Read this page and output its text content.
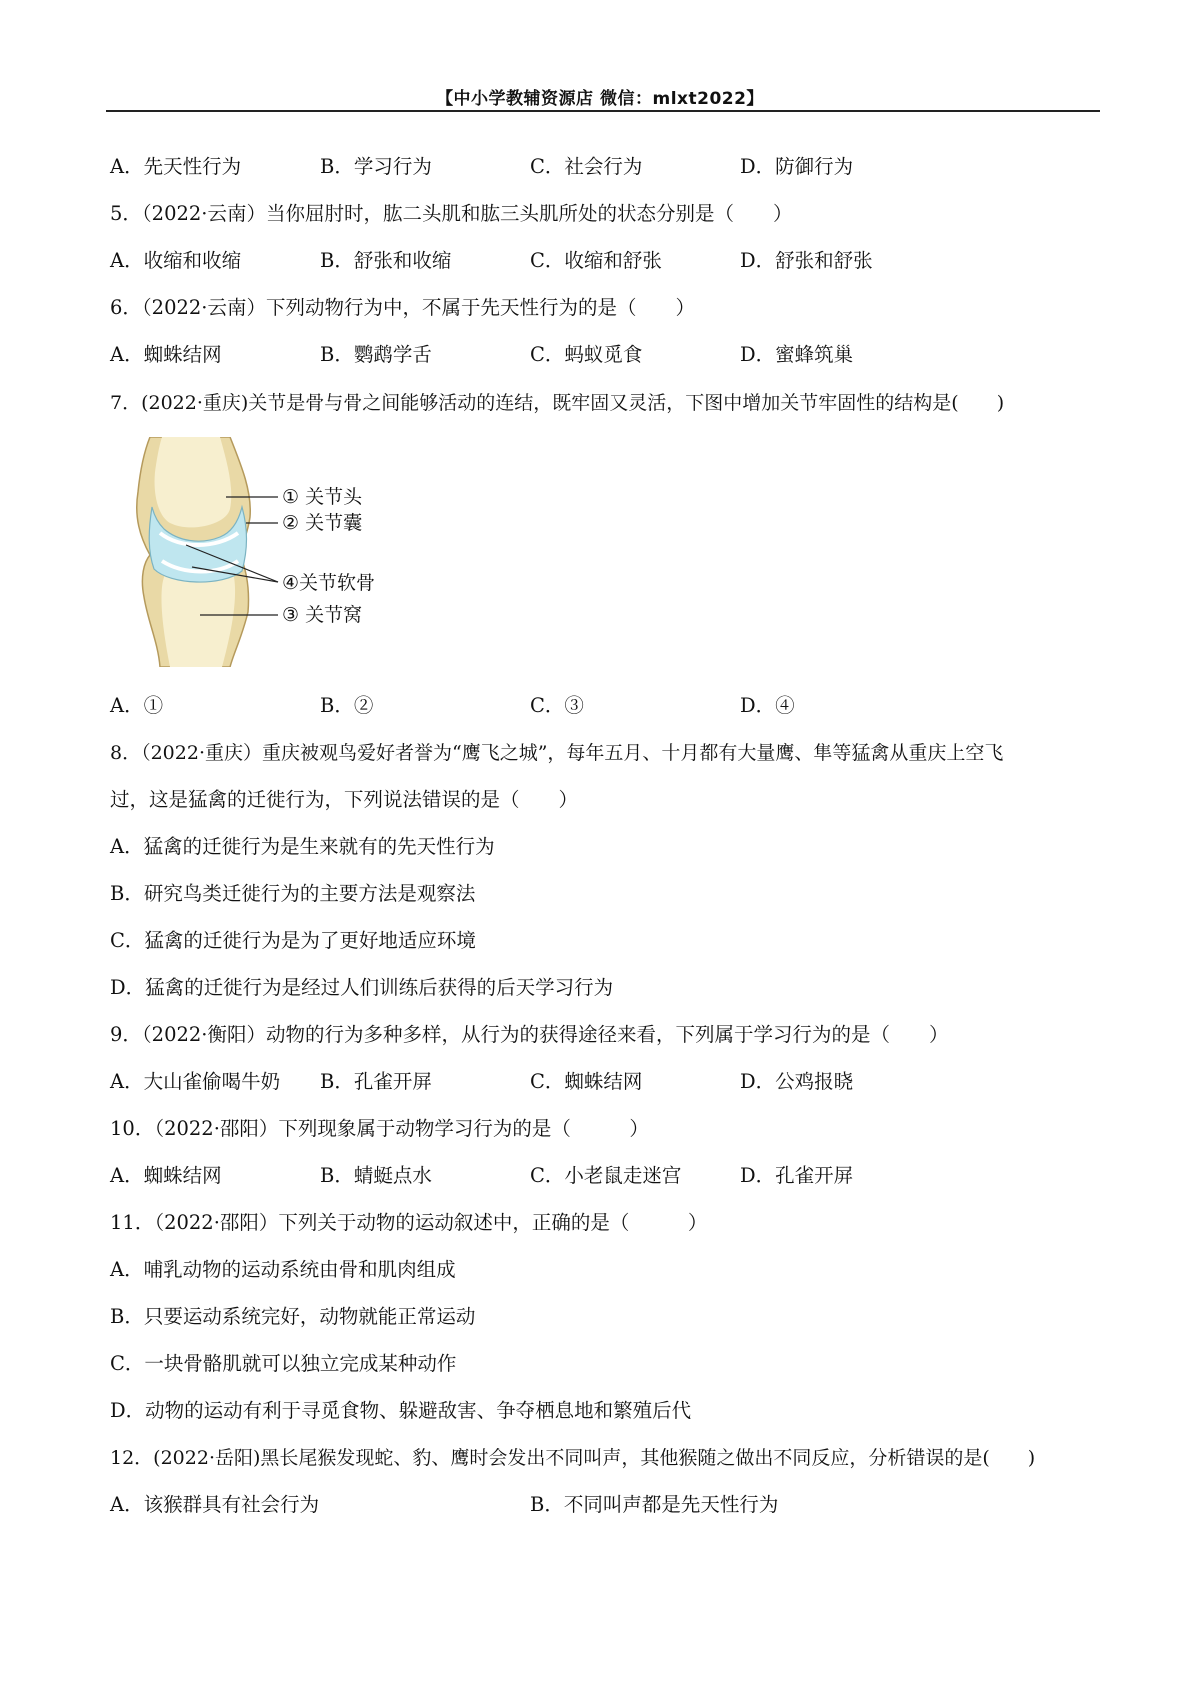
【中小学教辅资源店 微信：mlxt2022】
A．先天性行为	B．学习行为	C．社会行为	D．防御行为
5．（2022·云南）当你屈肘时，肱二头肌和肱三头肌所处的状态分别是（　　）
A．收缩和收缩	B．舒张和收缩	C．收缩和舒张	D．舒张和舒张
6．（2022·云南）下列动物行为中，不属于先天性行为的是（　　）
A．蜘蛛结网	B．鹦鹉学舌	C．蚂蚁觅食	D．蜜蜂筑巢
7．(2022·重庆)关节是骨与骨之间能够活动的连结，既牢固又灵活，下图中增加关节牢固性的结构是(　　)
① 关节头
② 关节囊
④关节软骨
③ 关节窝
A．①	B．②	C．③	D．④
8．（2022·重庆）重庆被观鸟爱好者誉为“鹰飞之城”，每年五月、十月都有大量鹰、隼等猛禽从重庆上空飞
过，这是猛禽的迁徙行为，下列说法错误的是（　　）
A．猛禽的迁徙行为是生来就有的先天性行为
B．研究鸟类迁徙行为的主要方法是观察法
C．猛禽的迁徙行为是为了更好地适应环境
D．猛禽的迁徙行为是经过人们训练后获得的后天学习行为
9．（2022·衡阳）动物的行为多种多样，从行为的获得途径来看，下列属于学习行为的是（　　）
A．大山雀偷喝牛奶 B．孔雀开屏	C．蜘蛛结网	D．公鸡报晓
10．（2022·邵阳）下列现象属于动物学习行为的是（　　　）
A．蜘蛛结网	B．蜻蜓点水	C．小老鼠走迷宫	D．孔雀开屏
11．（2022·邵阳）下列关于动物的运动叙述中，正确的是（　　　）
A．哺乳动物的运动系统由骨和肌肉组成
B．只要运动系统完好，动物就能正常运动
C．一块骨骼肌就可以独立完成某种动作
D．动物的运动有利于寻觅食物、躲避敌害、争夺栖息地和繁殖后代
12．(2022·岳阳)黑长尾猴发现蛇、豹、鹰时会发出不同叫声，其他猴随之做出不同反应，分析错误的是(　　)
A．该猴群具有社会行为	B．不同叫声都是先天性行为
